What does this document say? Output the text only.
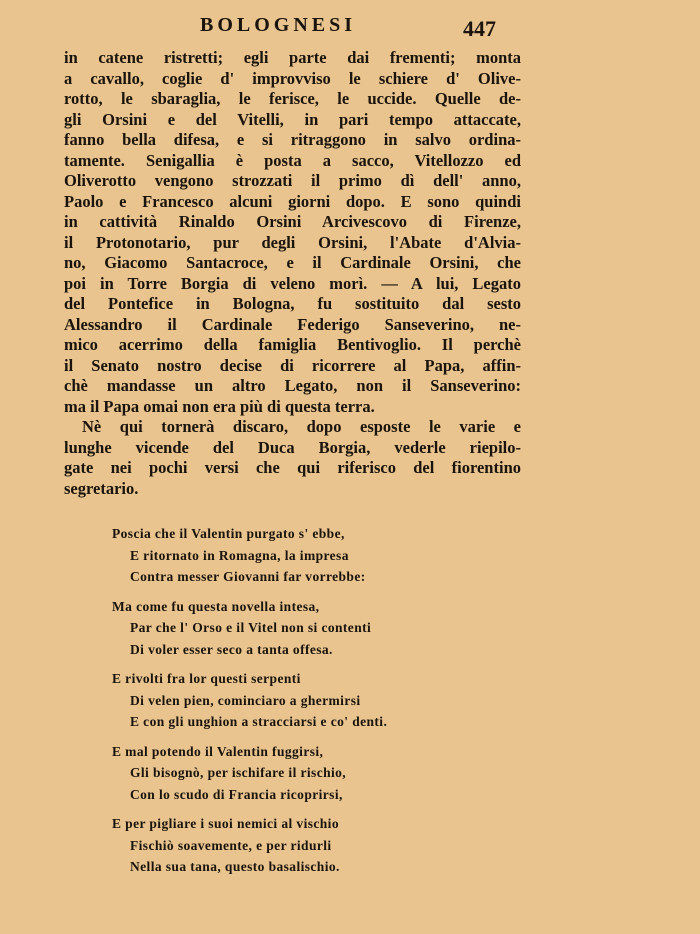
BOLOGNESI	447
in catene ristretti; egli parte dai frementi; monta
a cavallo, coglie d' improvviso le schiere d' Olive-
rotto, le sbaraglia, le ferisce, le uccide. Quelle de-
gli Orsini e del Vitelli, in pari tempo attaccate,
fanno bella difesa, e si ritraggono in salvo ordina-
tamente. Senigallia è posta a sacco, Vitellozzo ed
Oliverotto vengono strozzati il primo dì dell' anno,
Paolo e Francesco alcuni giorni dopo. E sono quindi
in cattività Rinaldo Orsini Arcivescovo di Firenze,
il Protonotario, pur degli Orsini, l'Abate d'Alvia-
no, Giacomo Santacroce, e il Cardinale Orsini, che
poi in Torre Borgia di veleno morì. — A lui, Legato
del Pontefice in Bologna, fu sostituito dal sesto
Alessandro il Cardinale Federigo Sanseverino, ne-
mico acerrimo della famiglia Bentivoglio. Il perchè
il Senato nostro decise di ricorrere al Papa, affin-
chè mandasse un altro Legato, non il Sanseverino:
ma il Papa omai non era più di questa terra.
Nè qui tornerà discaro, dopo esposte le varie e
lunghe vicende del Duca Borgia, vederle riepilo-
gate nei pochi versi che qui riferisco del fiorentino
segretario.
Poscia che il Valentin purgato s' ebbe,
E ritornato in Romagna, la impresa
Contra messer Giovanni far vorrebbe:
Ma come fu questa novella intesa,
Par che l' Orso e il Vitel non si contenti
Di voler esser seco a tanta offesa.
E rivolti fra lor questi serpenti
Di velen pien, cominciaro a ghermirsi
E con gli unghion a stracciarsi e co' denti.
E mal potendo il Valentin fuggirsi,
Gli bisognò, per ischifare il rischio,
Con lo scudo di Francia ricoprirsi,
E per pigliare i suoi nemici al vischio
Fischiò soavemente, e per ridurli
Nella sua tana, questo basalischio.
